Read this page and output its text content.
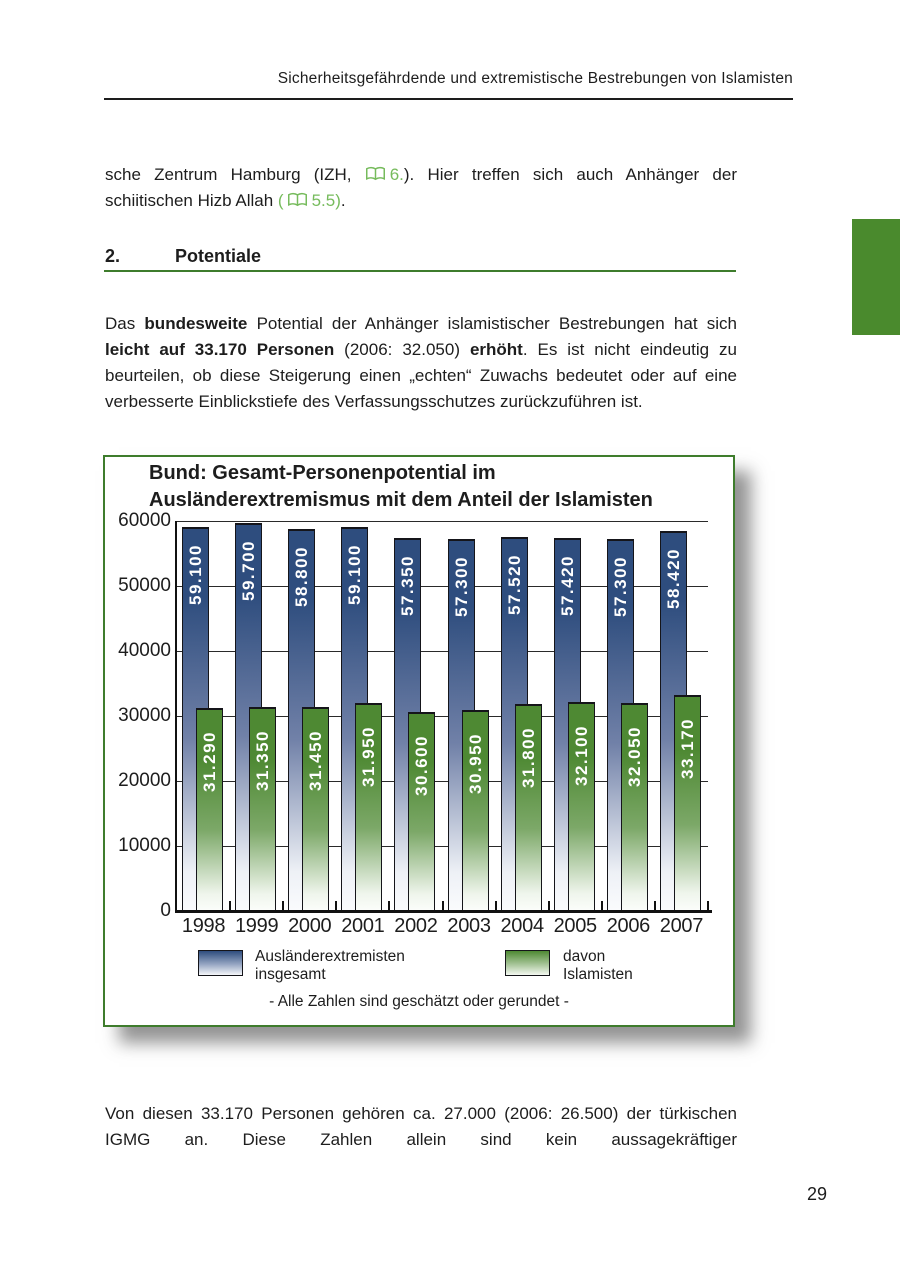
Sicherheitsgefährdende und extremistische Bestrebungen von Islamisten

sche Zentrum Hamburg (IZH, 6.). Hier treffen sich auch Anhänger der schiitischen Hizb Allah ( 5.5).

2.	Potentiale

Das bundesweite Potential der Anhänger islamistischer Bestrebungen hat sich leicht auf 33.170 Personen (2006: 32.050) erhöht. Es ist nicht eindeutig zu beurteilen, ob diese Steigerung einen „echten“ Zuwachs bedeutet oder auf eine verbesserte Einblickstiefe des Verfassungsschutzes zurückzuführen ist.

Bund: Gesamt-Personenpotential im
Ausländerextremismus mit dem Anteil der Islamisten
60000
50000
40000
30000
20000
10000
0
59.100
31.290
1998
59.700
31.350
1999
58.800
31.450
2000
59.100
31.950
2001
57.350
30.600
2002
57.300
30.950
2003
57.520
31.800
2004
57.420
32.100
2005
57.300
32.050
2006
58.420
33.170
2007
Ausländerextremisten
insgesamt
davon
Islamisten
- Alle Zahlen sind geschätzt oder gerundet -

Von diesen 33.170 Personen gehören ca. 27.000 (2006: 26.500) der türkischen IGMG an. Diese Zahlen allein sind kein aussagekräftiger

29
